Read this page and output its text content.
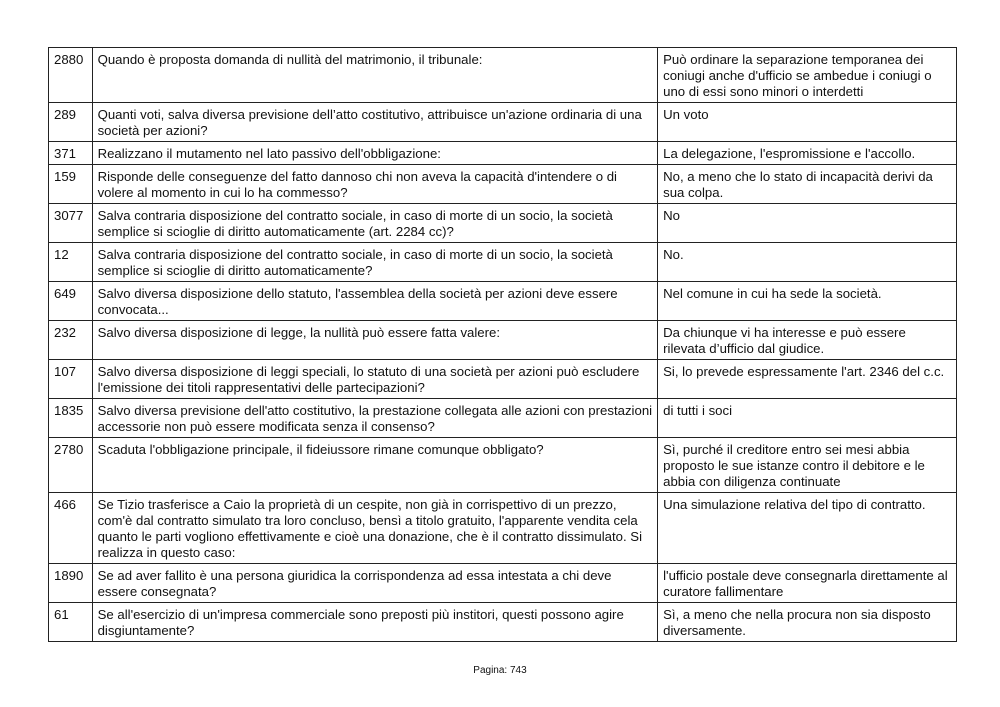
2880	Quando è proposta domanda di nullità del matrimonio, il tribunale:	Può ordinare la separazione temporanea dei coniugi anche d'ufficio se ambedue i coniugi o uno di essi sono minori o interdetti
289	Quanti voti, salva diversa previsione dell’atto costitutivo, attribuisce un'azione ordinaria di una società per azioni?	Un voto
371	Realizzano il mutamento nel lato passivo dell'obbligazione:	La delegazione, l'espromissione e l'accollo.
159	Risponde delle conseguenze del fatto dannoso chi non aveva la capacità d'intendere o di volere al momento in cui lo ha commesso?	No, a meno che lo stato di incapacità derivi da sua colpa.
3077	Salva contraria disposizione del contratto sociale, in caso di morte di un socio, la società semplice si scioglie di diritto automaticamente (art. 2284 cc)?	No
12	Salva contraria disposizione del contratto sociale, in caso di morte di un socio, la società semplice si scioglie di diritto automaticamente?	No.
649	Salvo diversa disposizione dello statuto, l'assemblea della società per azioni deve essere convocata...	Nel comune in cui ha sede la società.
232	Salvo diversa disposizione di legge, la nullità può essere fatta valere:	Da chiunque vi ha interesse e può essere rilevata d’ufficio dal giudice.
107	Salvo diversa disposizione di leggi speciali, lo statuto di una società per azioni può escludere l'emissione dei titoli rappresentativi delle partecipazioni?	Si, lo prevede espressamente l'art. 2346 del c.c.
1835	Salvo diversa previsione dell'atto costitutivo, la prestazione collegata alle azioni con prestazioni accessorie non può essere modificata senza il consenso?	di tutti i soci
2780	Scaduta l'obbligazione principale, il fideiussore rimane comunque obbligato?	Sì, purché il creditore entro sei mesi abbia proposto le sue istanze contro il debitore e le abbia con diligenza continuate
466	Se Tizio trasferisce a Caio la proprietà di un cespite, non già in corrispettivo di un prezzo, com'è dal contratto simulato tra loro concluso, bensì a titolo gratuito, l'apparente vendita cela quanto le parti vogliono effettivamente e cioè una donazione, che è il contratto dissimulato. Si realizza in questo caso:	Una simulazione relativa del tipo di contratto.
1890	Se ad aver fallito è una persona giuridica la corrispondenza ad essa intestata a chi deve essere consegnata?	l'ufficio postale deve consegnarla direttamente al curatore fallimentare
61	Se all'esercizio di un'impresa commerciale sono preposti più institori, questi possono agire disgiuntamente?	Sì, a meno che nella procura non sia disposto diversamente.
Pagina: 743
